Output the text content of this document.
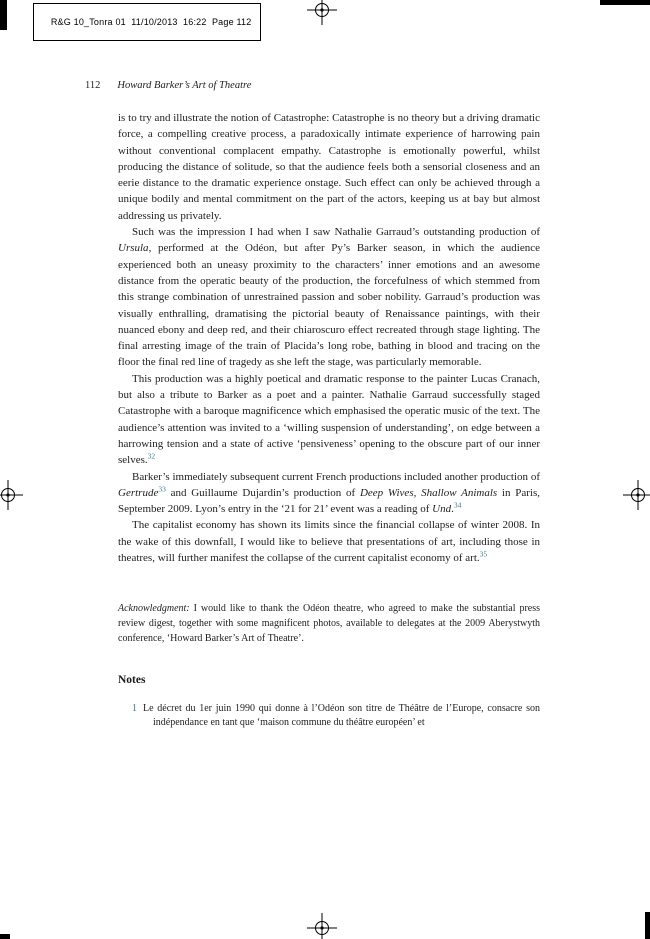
R&G 10_Tonra 01  11/10/2013  16:22  Page 112

112 Howard Barker’s Art of Theatre

is to try and illustrate the notion of Catastrophe: Catastrophe is no theory but a driving dramatic force, a compelling creative process, a paradoxically intimate experience of harrowing pain without conventional complacent empathy. Catastrophe is emotionally powerful, whilst producing the distance of solitude, so that the audience feels both a sensorial closeness and an eerie distance to the dramatic experience onstage. Such effect can only be achieved through a unique bodily and mental commitment on the part of the actors, keeping us at bay but almost addressing us privately.

Such was the impression I had when I saw Nathalie Garraud’s outstanding production of Ursula, performed at the Odéon, but after Py’s Barker season, in which the audience experienced both an uneasy proximity to the characters’ inner emotions and an awesome distance from the operatic beauty of the production, the forcefulness of which stemmed from this strange combination of unrestrained passion and sober nobility. Garraud’s production was visually enthralling, dramatising the pictorial beauty of Renaissance paintings, with their nuanced ebony and deep red, and their chiaroscuro effect recreated through stage lighting. The final arresting image of the train of Placida’s long robe, bathing in blood and tracing on the floor the final red line of tragedy as she left the stage, was particularly memorable.

This production was a highly poetical and dramatic response to the painter Lucas Cranach, but also a tribute to Barker as a poet and a painter. Nathalie Garraud successfully staged Catastrophe with a baroque magnificence which emphasised the operatic music of the text. The audience’s attention was invited to a ‘willing suspension of understanding’, on edge between a harrowing tension and a state of active ‘pensiveness’ opening to the obscure part of our inner selves.$^{32}$

Barker’s immediately subsequent current French productions included another production of Gertrude$^{33}$ and Guillaume Dujardin’s production of Deep Wives, Shallow Animals in Paris, September 2009. Lyon’s entry in the ‘21 for 21’ event was a reading of Und.$^{34}$

The capitalist economy has shown its limits since the financial collapse of winter 2008. In the wake of this downfall, I would like to believe that presentations of art, including those in theatres, will further manifest the collapse of the current capitalist economy of art.$^{35}$

Acknowledgment: I would like to thank the Odéon theatre, who agreed to make the substantial press review digest, together with some magnificent photos, available to delegates at the 2009 Aberystwyth conference, ‘Howard Barker’s Art of Theatre’.
Notes
1 Le décret du 1er juin 1990 qui donne à l’Odéon son titre de Théâtre de l’Europe, consacre son indépendance en tant que ‘maison commune du théâtre européen’ et
